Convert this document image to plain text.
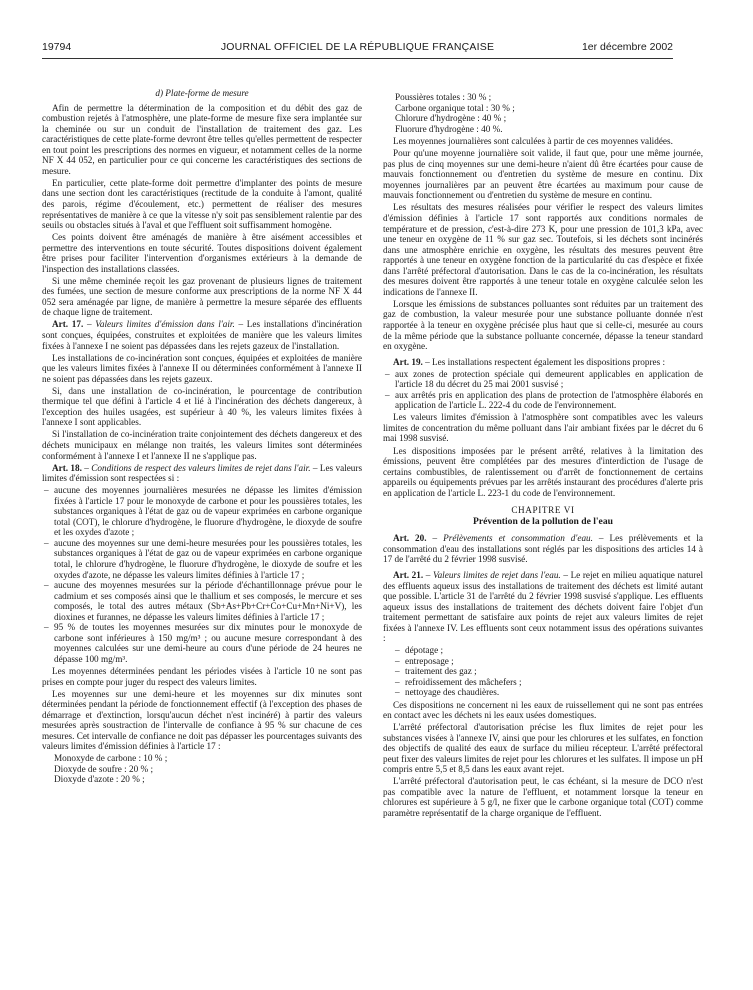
19794	JOURNAL OFFICIEL DE LA RÉPUBLIQUE FRANÇAISE	1er décembre 2002

d) Plate-forme de mesure

Afin de permettre la détermination de la composition et du débit des gaz de combustion rejetés à l'atmosphère, une plate-forme de mesure fixe sera implantée sur la cheminée ou sur un conduit de l'installation de traitement des gaz. Les caractéristiques de cette plate-forme devront être telles qu'elles permettent de respecter en tout point les prescriptions des normes en vigueur, et notamment celles de la norme NF X 44 052, en particulier pour ce qui concerne les caractéristiques des sections de mesure.

En particulier, cette plate-forme doit permettre d'implanter des points de mesure dans une section dont les caractéristiques (rectitude de la conduite à l'amont, qualité des parois, régime d'écoulement, etc.) permettent de réaliser des mesures représentatives de manière à ce que la vitesse n'y soit pas sensiblement ralentie par des seuils ou obstacles situés à l'aval et que l'effluent soit suffisamment homogène.

Ces points doivent être aménagés de manière à être aisément accessibles et permettre des interventions en toute sécurité. Toutes dispositions doivent également être prises pour faciliter l'intervention d'organismes extérieurs à la demande de l'inspection des installations classées.

Si une même cheminée reçoit les gaz provenant de plusieurs lignes de traitement des fumées, une section de mesure conforme aux prescriptions de la norme NF X 44 052 sera aménagée par ligne, de manière à permettre la mesure séparée des effluents de chaque ligne de traitement.

Art. 17. – Valeurs limites d'émission dans l'air. – Les installations d'incinération sont conçues, équipées, construites et exploitées de manière que les valeurs limites fixées à l'annexe I ne soient pas dépassées dans les rejets gazeux de l'installation.

Les installations de co-incinération sont conçues, équipées et exploitées de manière que les valeurs limites fixées à l'annexe II ou déterminées conformément à l'annexe II ne soient pas dépassées dans les rejets gazeux.

Si, dans une installation de co-incinération, le pourcentage de contribution thermique tel que défini à l'article 4 et lié à l'incinération des déchets dangereux, à l'exception des huiles usagées, est supérieur à 40 %, les valeurs limites fixées à l'annexe I sont applicables.

Si l'installation de co-incinération traite conjointement des déchets dangereux et des déchets municipaux en mélange non traités, les valeurs limites sont déterminées conformément à l'annexe I et l'annexe II ne s'applique pas.

Art. 18. – Conditions de respect des valeurs limites de rejet dans l'air. – Les valeurs limites d'émission sont respectées si :

– aucune des moyennes journalières mesurées ne dépasse les limites d'émission fixées à l'article 17 pour le monoxyde de carbone et pour les poussières totales, les substances organiques à l'état de gaz ou de vapeur exprimées en carbone organique total (COT), le chlorure d'hydrogène, le fluorure d'hydrogène, le dioxyde de soufre et les oxydes d'azote ;
– aucune des moyennes sur une demi-heure mesurées pour les poussières totales, les substances organiques à l'état de gaz ou de vapeur exprimées en carbone organique total, le chlorure d'hydrogène, le fluorure d'hydrogène, le dioxyde de soufre et les oxydes d'azote, ne dépasse les valeurs limites définies à l'article 17 ;
– aucune des moyennes mesurées sur la période d'échantillonnage prévue pour le cadmium et ses composés ainsi que le thallium et ses composés, le mercure et ses composés, le total des autres métaux (Sb+As+Pb+Cr+Co+Cu+Mn+Ni+V), les dioxines et furannes, ne dépasse les valeurs limites définies à l'article 17 ;
– 95 % de toutes les moyennes mesurées sur dix minutes pour le monoxyde de carbone sont inférieures à 150 mg/m³ ; ou aucune mesure correspondant à des moyennes calculées sur une demi-heure au cours d'une période de 24 heures ne dépasse 100 mg/m³.

Les moyennes déterminées pendant les périodes visées à l'article 10 ne sont pas prises en compte pour juger du respect des valeurs limites.

Les moyennes sur une demi-heure et les moyennes sur dix minutes sont déterminées pendant la période de fonctionnement effectif (à l'exception des phases de démarrage et d'extinction, lorsqu'aucun déchet n'est incinéré) à partir des valeurs mesurées après soustraction de l'intervalle de confiance à 95 % sur chacune de ces mesures. Cet intervalle de confiance ne doit pas dépasser les pourcentages suivants des valeurs limites d'émission définies à l'article 17 :

Monoxyde de carbone : 10 % ;

Dioxyde de soufre : 20 % ;

Dioxyde d'azote : 20 % ;

Poussières totales : 30 % ;

Carbone organique total : 30 % ;

Chlorure d'hydrogène : 40 % ;

Fluorure d'hydrogène : 40 %.

Les moyennes journalières sont calculées à partir de ces moyennes validées.

Pour qu'une moyenne journalière soit valide, il faut que, pour une même journée, pas plus de cinq moyennes sur une demi-heure n'aient dû être écartées pour cause de mauvais fonctionnement ou d'entretien du système de mesure en continu. Dix moyennes journalières par an peuvent être écartées au maximum pour cause de mauvais fonctionnement ou d'entretien du système de mesure en continu.

Les résultats des mesures réalisées pour vérifier le respect des valeurs limites d'émission définies à l'article 17 sont rapportés aux conditions normales de température et de pression, c'est-à-dire 273 K, pour une pression de 101,3 kPa, avec une teneur en oxygène de 11 % sur gaz sec. Toutefois, si les déchets sont incinérés dans une atmosphère enrichie en oxygène, les résultats des mesures peuvent être rapportés à une teneur en oxygène fonction de la particularité du cas d'espèce et fixée dans l'arrêté préfectoral d'autorisation. Dans le cas de la co-incinération, les résultats des mesures doivent être rapportés à une teneur totale en oxygène calculée selon les indications de l'annexe II.

Lorsque les émissions de substances polluantes sont réduites par un traitement des gaz de combustion, la valeur mesurée pour une substance polluante donnée n'est rapportée à la teneur en oxygène précisée plus haut que si celle-ci, mesurée au cours de la même période que la substance polluante concernée, dépasse la teneur standard en oxygène.

Art. 19. – Les installations respectent également les dispositions propres :

– aux zones de protection spéciale qui demeurent applicables en application de l'article 18 du décret du 25 mai 2001 susvisé ;
– aux arrêtés pris en application des plans de protection de l'atmosphère élaborés en application de l'article L. 222-4 du code de l'environnement.

Les valeurs limites d'émission à l'atmosphère sont compatibles avec les valeurs limites de concentration du même polluant dans l'air ambiant fixées par le décret du 6 mai 1998 susvisé.

Les dispositions imposées par le présent arrêté, relatives à la limitation des émissions, peuvent être complétées par des mesures d'interdiction de l'usage de certains combustibles, de ralentissement ou d'arrêt de fonctionnement de certains appareils ou équipements prévues par les arrêtés instaurant des procédures d'alerte pris en application de l'article L. 223-1 du code de l'environnement.

CHAPITRE VI
Prévention de la pollution de l'eau

Art. 20. – Prélèvements et consommation d'eau. – Les prélèvements et la consommation d'eau des installations sont réglés par les dispositions des articles 14 à 17 de l'arrêté du 2 février 1998 susvisé.

Art. 21. – Valeurs limites de rejet dans l'eau. – Le rejet en milieu aquatique naturel des effluents aqueux issus des installations de traitement des déchets est limité autant que possible. L'article 31 de l'arrêté du 2 février 1998 susvisé s'applique. Les effluents aqueux issus des installations de traitement des déchets doivent faire l'objet d'un traitement permettant de satisfaire aux points de rejet aux valeurs limites de rejet fixées à l'annexe IV. Les effluents sont ceux notamment issus des opérations suivantes :

– dépotage ;
– entreposage ;
– traitement des gaz ;
– refroidissement des mâchefers ;
– nettoyage des chaudières.

Ces dispositions ne concernent ni les eaux de ruissellement qui ne sont pas entrées en contact avec les déchets ni les eaux usées domestiques.

L'arrêté préfectoral d'autorisation précise les flux limites de rejet pour les substances visées à l'annexe IV, ainsi que pour les chlorures et les sulfates, en fonction des objectifs de qualité des eaux de surface du milieu récepteur. L'arrêté préfectoral peut fixer des valeurs limites de rejet pour les chlorures et les sulfates. Il impose un pH compris entre 5,5 et 8,5 dans les eaux avant rejet.

L'arrêté préfectoral d'autorisation peut, le cas échéant, si la mesure de DCO n'est pas compatible avec la nature de l'effluent, et notamment lorsque la teneur en chlorures est supérieure à 5 g/l, ne fixer que le carbone organique total (COT) comme paramètre représentatif de la charge organique de l'effluent.
